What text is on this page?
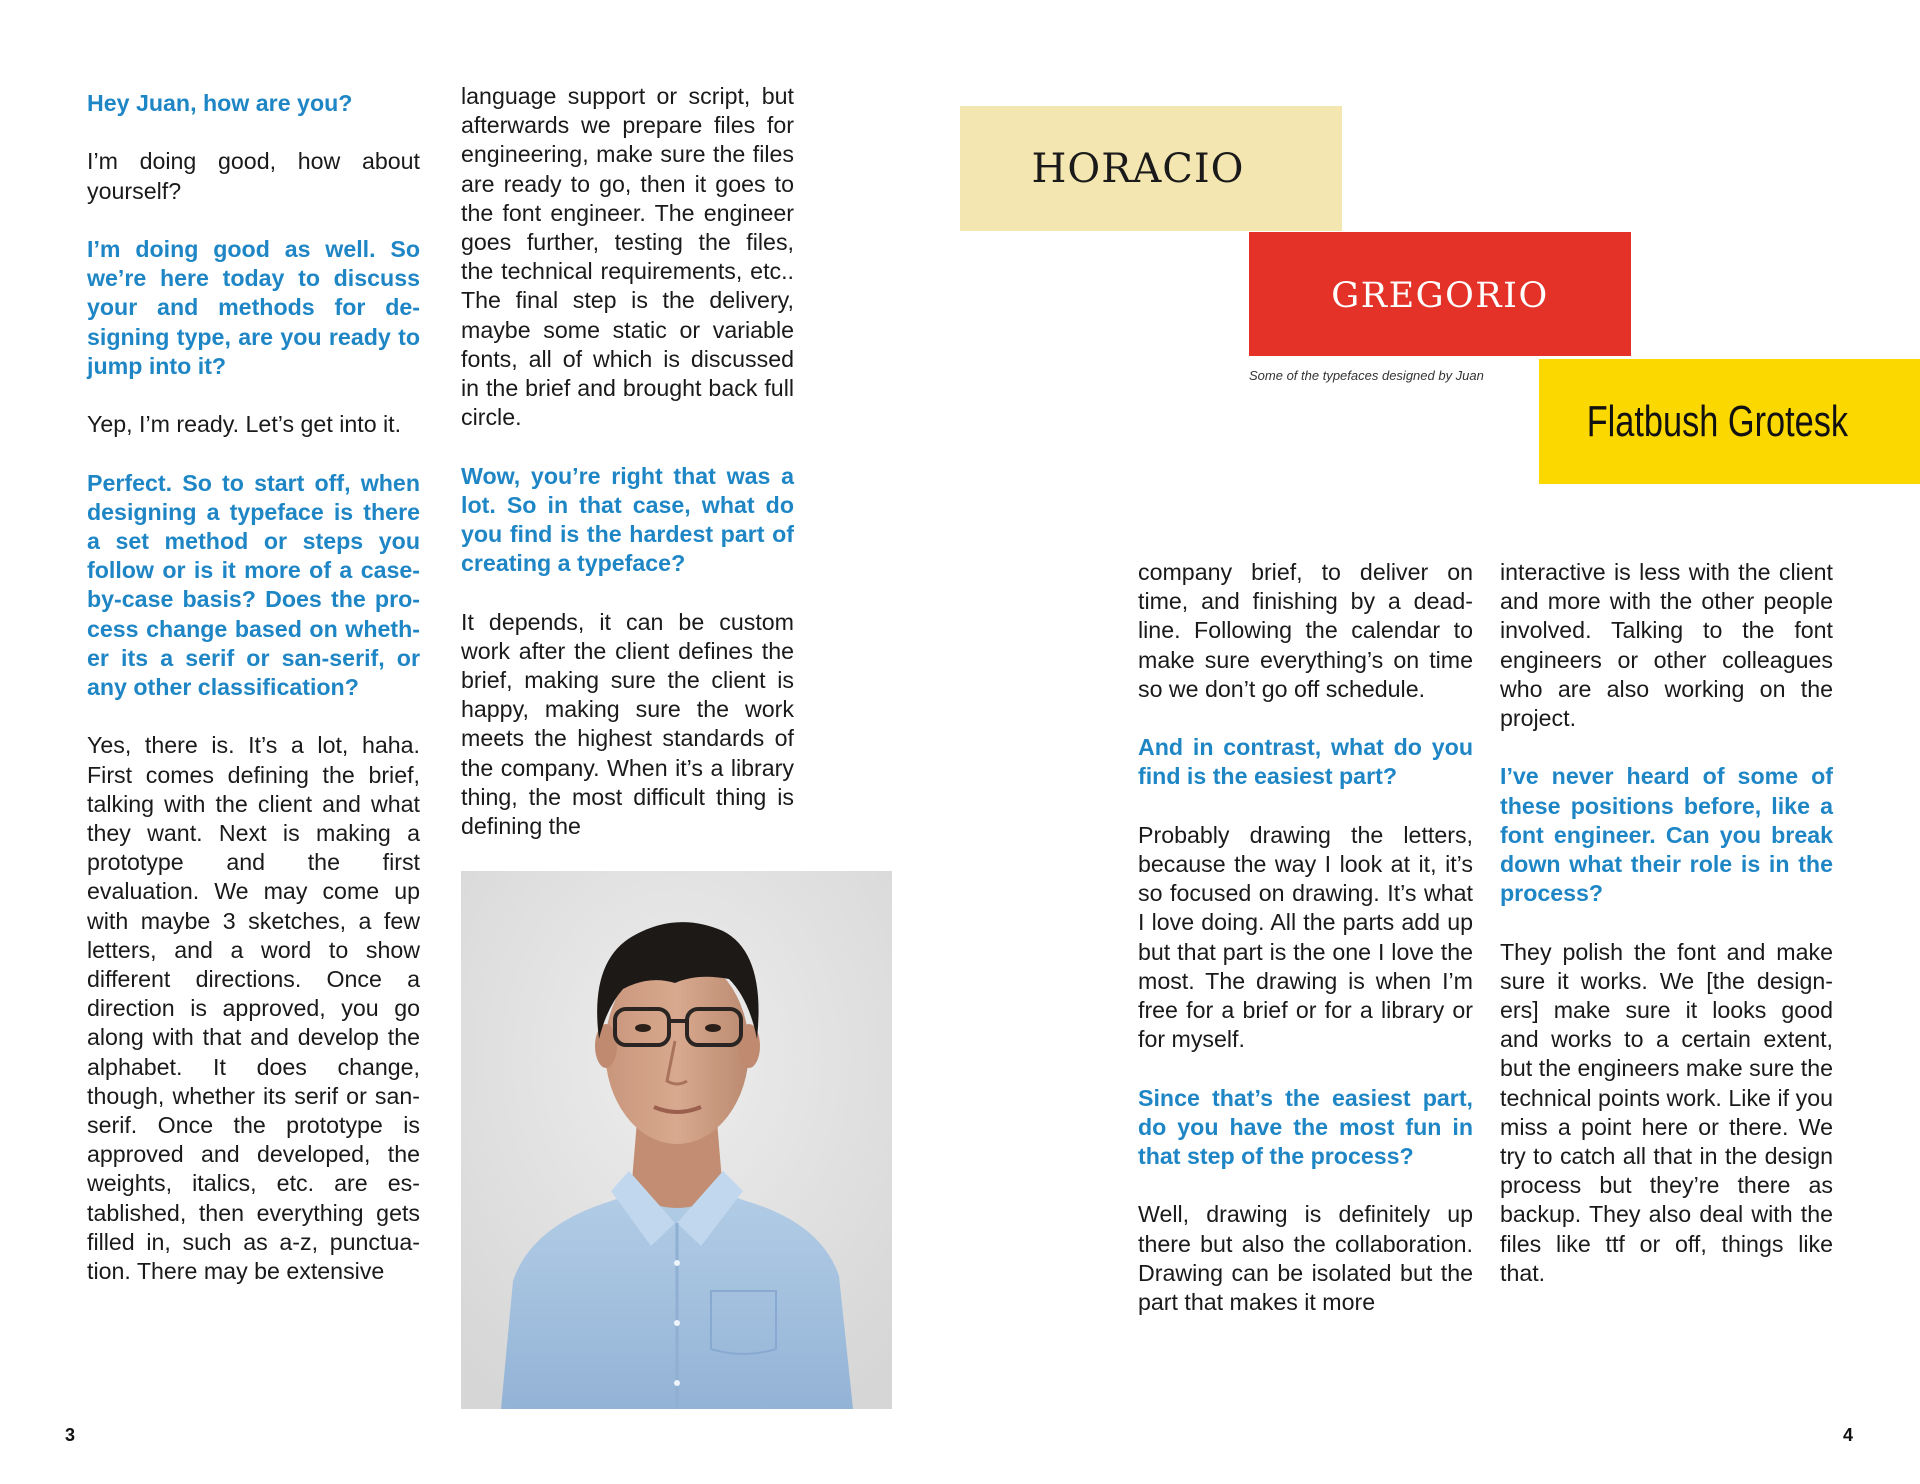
Hey Juan, how are you?

I’m doing good, how about yourself?

I’m doing good as well. So we’re here today to discuss your and methods for designing type, are you ready to jump into it?

Yep, I’m ready. Let’s get into it.

Perfect. So to start off, when designing a typeface is there a set method or steps you follow or is it more of a case-by-case basis? Does the process change based on whether its a serif or san-serif, or any other classification?

Yes, there is. It’s a lot, haha. First comes defining the brief, talking with the client and what they want. Next is making a prototype and the first evaluation. We may come up with maybe 3 sketches, a few letters, and a word to show different directions. Once a direction is approved, you go along with that and develop the alphabet. It does change, though, whether its serif or san-serif. Once the prototype is approved and developed, the weights, italics, etc. are established, then everything gets filled in, such as a-z, punctuation. There may be extensive

language support or script, but afterwards we prepare files for engineering, make sure the files are ready to go, then it goes to the font engineer. The engineer goes further, testing the files, the technical requirements, etc.. The final step is the delivery, maybe some static or variable fonts, all of which is discussed in the brief and brought back full circle.

Wow, you’re right that was a lot. So in that case, what do you find is the hardest part of creating a typeface?

It depends, it can be custom work after the client defines the brief, making sure the client is happy, making sure the work meets the highest standards of the company. When it’s a library thing, the most difficult thing is defining the

3
HORACIO
GREGORIO
Flatbush Grotesk
Some of the typefaces designed by Juan

company brief, to deliver on time, and finishing by a deadline. Following the calendar to make sure everything’s on time so we don’t go off schedule.

And in contrast, what do you find is the easiest part?

Probably drawing the letters, because the way I look at it, it’s so focused on drawing. It’s what I love doing. All the parts add up but that part is the one I love the most. The drawing is when I’m free for a brief or for a library or for myself.

Since that’s the easiest part, do you have the most fun in that step of the process?

Well, drawing is definitely up there but also the collaboration. Drawing can be isolated but the part that makes it more

interactive is less with the client and more with the other people involved. Talking to the font engineers or other colleagues who are also working on the project.

I’ve never heard of some of these positions before, like a font engineer. Can you break down what their role is in the process?

They polish the font and make sure it works. We [the designers] make sure it looks good and works to a certain extent, but the engineers make sure the technical points work. Like if you miss a point here or there. We try to catch all that in the design process but they’re there as backup. They also deal with the files like ttf or off, things like that.

4
